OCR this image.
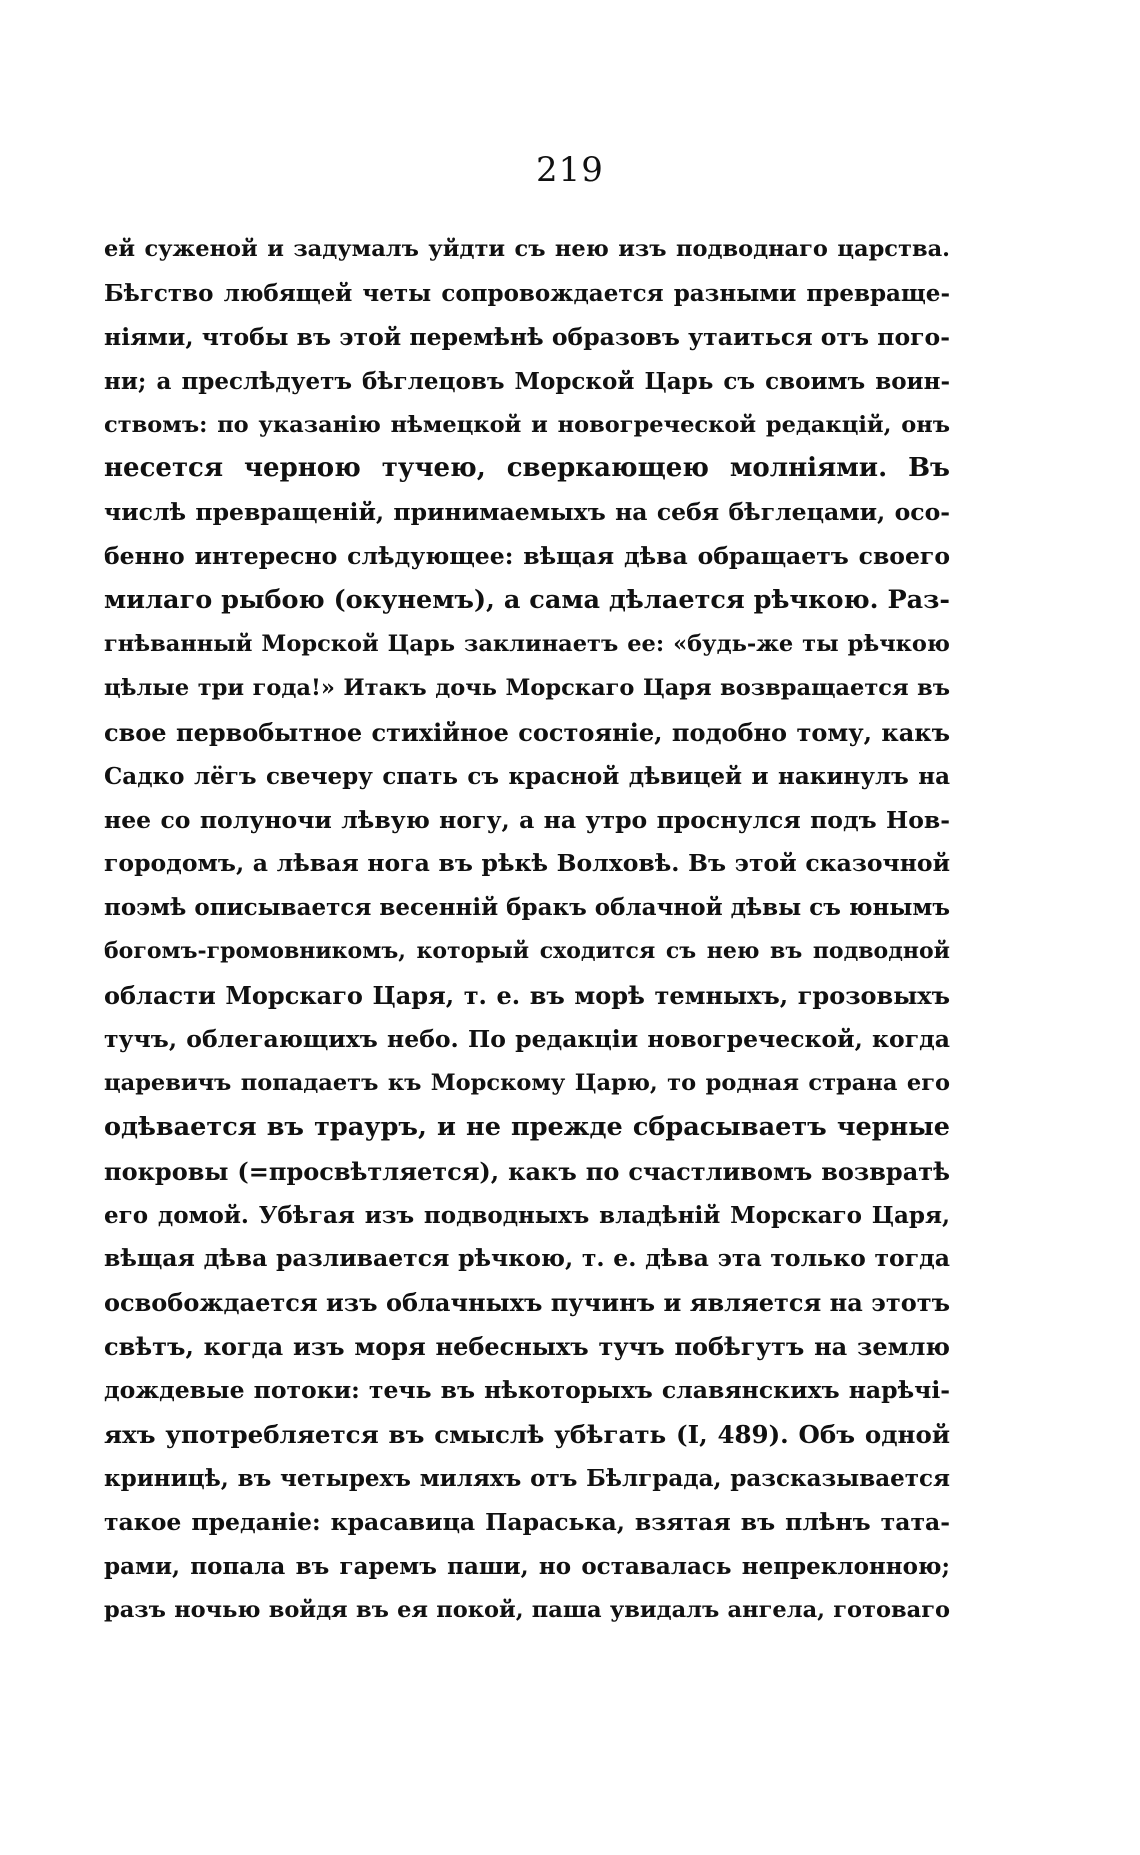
219
ей суженой и задумалъ уйдти съ нею изъ подводнаго царства.
Бѣгство любящей четы сопровождается разными превраще-
ніями, чтобы въ этой перемѣнѣ образовъ утаиться отъ пого-
ни; а преслѣдуетъ бѣглецовъ Морской Царь съ своимъ воин-
ствомъ: по указанію нѣмецкой и новогреческой редакцій, онъ
несется черною тучею, сверкающею молніями. Въ
числѣ превращеній, принимаемыхъ на себя бѣглецами, осо-
бенно интересно слѣдующее: вѣщая дѣва обращаетъ своего
милаго рыбою (окунемъ), а сама дѣлается рѣчкою. Раз-
гнѣванный Морской Царь заклинаетъ ее: «будь-же ты рѣчкою
цѣлые три года!» Итакъ дочь Морскаго Царя возвращается въ
свое первобытное стихійное состояніе, подобно тому, какъ
Садко лёгъ свечеру спать съ красной дѣвицей и накинулъ на
нее со полуночи лѣвую ногу, а на утро проснулся подъ Нов-
городомъ, а лѣвая нога въ рѣкѣ Волховѣ. Въ этой сказочной
поэмѣ описывается весенній бракъ облачной дѣвы съ юнымъ
богомъ-громовникомъ, который сходится съ нею въ подводной
области Морскаго Царя, т. е. въ морѣ темныхъ, грозовыхъ
тучъ, облегающихъ небо. По редакціи новогреческой, когда
царевичъ попадаетъ къ Морскому Царю, то родная страна его
одѣвается въ трауръ, и не прежде сбрасываетъ черные
покровы (=просвѣтляется), какъ по счастливомъ возвратѣ
его домой. Убѣгая изъ подводныхъ владѣній Морскаго Царя,
вѣщая дѣва разливается рѣчкою, т. е. дѣва эта только тогда
освобождается изъ облачныхъ пучинъ и является на этотъ
свѣтъ, когда изъ моря небесныхъ тучъ побѣгутъ на землю
дождевые потоки: течь въ нѣкоторыхъ славянскихъ нарѣчі-
яхъ употребляется въ смыслѣ убѣгать (I, 489). Объ одной
криницѣ, въ четырехъ миляхъ отъ Бѣлграда, разсказывается
такое преданіе: красавица Параська, взятая въ плѣнъ тата-
рами, попала въ гаремъ паши, но оставалась непреклонною;
разъ ночью войдя въ ея покой, паша увидалъ ангела, готоваго
